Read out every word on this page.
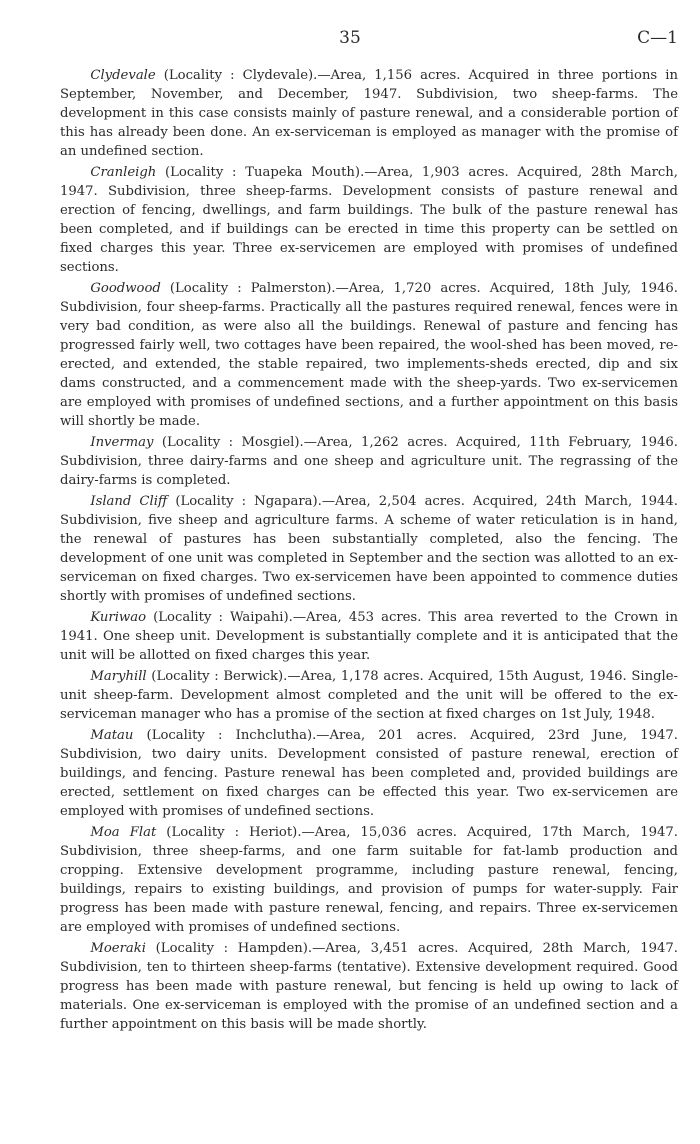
35	C—1

Clydevale (Locality : Clydevale).—Area, 1,156 acres. Acquired in three portions in September, November, and December, 1947. Subdivision, two sheep-farms. The development in this case consists mainly of pasture renewal, and a considerable portion of this has already been done. An ex-serviceman is employed as manager with the promise of an undefined section.

Cranleigh (Locality : Tuapeka Mouth).—Area, 1,903 acres. Acquired, 28th March, 1947. Subdivision, three sheep-farms. Development consists of pasture renewal and erection of fencing, dwellings, and farm buildings. The bulk of the pasture renewal has been completed, and if buildings can be erected in time this property can be settled on fixed charges this year. Three ex-servicemen are employed with promises of undefined sections.

Goodwood (Locality : Palmerston).—Area, 1,720 acres. Acquired, 18th July, 1946. Subdivision, four sheep-farms. Practically all the pastures required renewal, fences were in very bad condition, as were also all the buildings. Renewal of pasture and fencing has progressed fairly well, two cottages have been repaired, the wool-shed has been moved, re-erected, and extended, the stable repaired, two implements-sheds erected, dip and six dams constructed, and a commencement made with the sheep-yards. Two ex-servicemen are employed with promises of undefined sections, and a further appointment on this basis will shortly be made.

Invermay (Locality : Mosgiel).—Area, 1,262 acres. Acquired, 11th February, 1946. Subdivision, three dairy-farms and one sheep and agriculture unit. The regrassing of the dairy-farms is completed.

Island Cliff (Locality : Ngapara).—Area, 2,504 acres. Acquired, 24th March, 1944. Subdivision, five sheep and agriculture farms. A scheme of water reticulation is in hand, the renewal of pastures has been substantially completed, also the fencing. The development of one unit was completed in September and the section was allotted to an ex-serviceman on fixed charges. Two ex-servicemen have been appointed to commence duties shortly with promises of undefined sections.

Kuriwao (Locality : Waipahi).—Area, 453 acres. This area reverted to the Crown in 1941. One sheep unit. Development is substantially complete and it is anticipated that the unit will be allotted on fixed charges this year.

Maryhill (Locality : Berwick).—Area, 1,178 acres. Acquired, 15th August, 1946. Single-unit sheep-farm. Development almost completed and the unit will be offered to the ex-serviceman manager who has a promise of the section at fixed charges on 1st July, 1948.

Matau (Locality : Inchclutha).—Area, 201 acres. Acquired, 23rd June, 1947. Subdivision, two dairy units. Development consisted of pasture renewal, erection of buildings, and fencing. Pasture renewal has been completed and, provided buildings are erected, settlement on fixed charges can be effected this year. Two ex-servicemen are employed with promises of undefined sections.

Moa Flat (Locality : Heriot).—Area, 15,036 acres. Acquired, 17th March, 1947. Subdivision, three sheep-farms, and one farm suitable for fat-lamb production and cropping. Extensive development programme, including pasture renewal, fencing, buildings, repairs to existing buildings, and provision of pumps for water-supply. Fair progress has been made with pasture renewal, fencing, and repairs. Three ex-servicemen are employed with promises of undefined sections.

Moeraki (Locality : Hampden).—Area, 3,451 acres. Acquired, 28th March, 1947. Subdivision, ten to thirteen sheep-farms (tentative). Extensive development required. Good progress has been made with pasture renewal, but fencing is held up owing to lack of materials. One ex-serviceman is employed with the promise of an undefined section and a further appointment on this basis will be made shortly.
